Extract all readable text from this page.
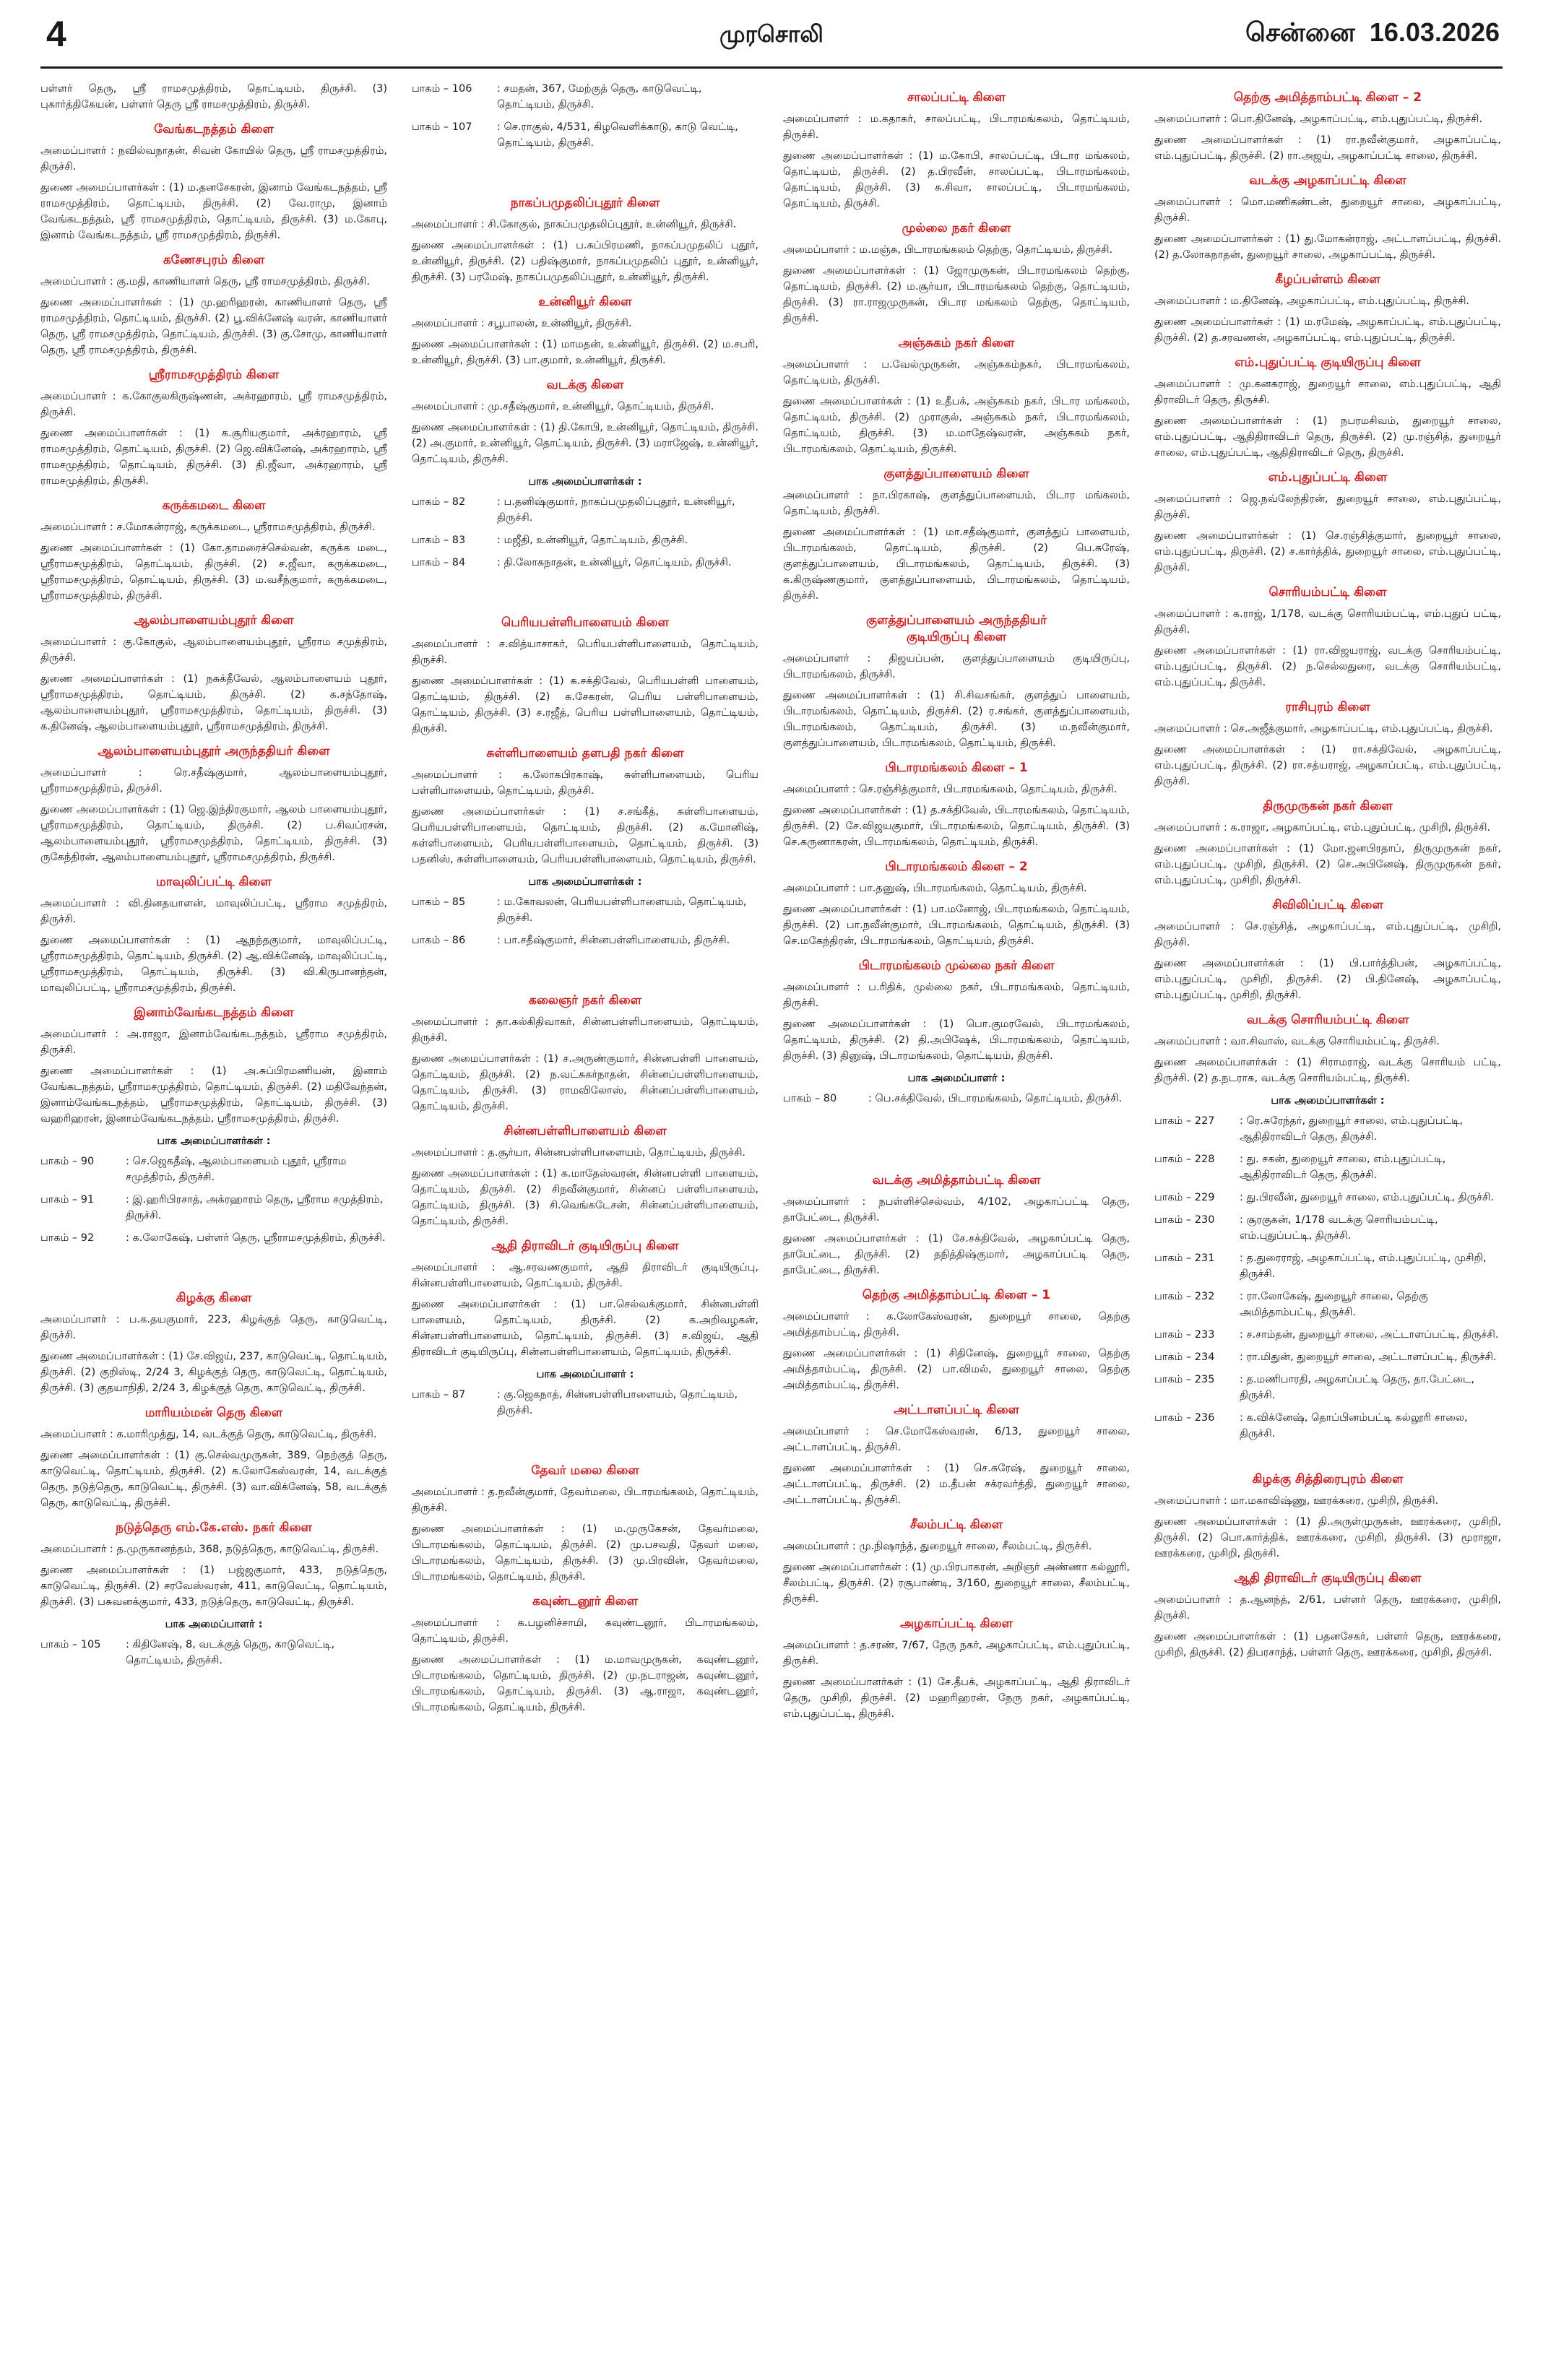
4	முரசொலி	சென்னை 16.03.2026

பள்ளர் தெரு, ஸ்ரீ ராமசமுத்திரம், தொட்டியம், திருச்சி. (3) புகார்த்திகேயன், பள்ளர் தெரு ஸ்ரீ ராமசமுத்திரம், திருச்சி.

வேங்கடநத்தம் கிளை

அமைப்பாளர் : நவில்வநாதன், சிவன் கோயில் தெரு, ஸ்ரீ ராமசமுத்திரம், திருச்சி.

துணை அமைப்பாளர்கள் : (1) ம.தனசேகரன், இனாம் வேங்கடநத்தம், ஸ்ரீ ராமசமுத்திரம், தொட்டியம், திருச்சி. (2) வே.ராமு, இனாம் வேங்கடநத்தம், ஸ்ரீ ராமசமுத்திரம், தொட்டியம், திருச்சி. (3) ம.கோபு, இனாம் வேங்கடநத்தம், ஸ்ரீ ராமசமுத்திரம், திருச்சி.

கணேசபுரம் கிளை

அமைப்பாளர் : கு.மதி, காணியாளர் தெரு, ஸ்ரீ ராமசமுத்திரம், திருச்சி.

துணை அமைப்பாளர்கள் : (1) மு.ஹரிஹரன், காணியாளர் தெரு, ஸ்ரீ ராமசமுத்திரம், தொட்டியம், திருச்சி. (2) பூ.விக்னேஷ் வரன், காணியாளர் தெரு, ஸ்ரீ ராமசமுத்திரம், தொட்டியம், திருச்சி. (3) கு.சோமு, காணியாளர் தெரு, ஸ்ரீ ராமசமுத்திரம், திருச்சி.

ஸ்ரீராமசமுத்திரம் கிளை

அமைப்பாளர் : க.கோகுலகிருஷ்ணன், அக்ரஹாரம், ஸ்ரீ ராமசமுத்திரம், திருச்சி.

துணை அமைப்பாளர்கள் : (1) க.சூரியகுமார், அக்ரஹாரம், ஸ்ரீ ராமசமுத்திரம், தொட்டியம், திருச்சி. (2) ஜெ.விக்னேஷ், அக்ரஹாரம், ஸ்ரீ ராமசமுத்திரம், தொட்டியம், திருச்சி. (3) தி.ஜீவா, அக்ரஹாரம், ஸ்ரீ ராமசமுத்திரம், திருச்சி.

கருக்கமடை கிளை

அமைப்பாளர் : ச.மோகன்ராஜ், கருக்கமடை, ஸ்ரீராமசமுத்திரம், திருச்சி.

துணை அமைப்பாளர்கள் : (1) கோ.தாமரைச்செல்வன், கருக்க மடை, ஸ்ரீராமசமுத்திரம், தொட்டியம், திருச்சி. (2) ச.ஜீவா, கருக்கமடை, ஸ்ரீராமசமுத்திரம், தொட்டியம், திருச்சி. (3) ம.வசீந்குமார், கருக்கமடை, ஸ்ரீராமசமுத்திரம், திருச்சி.

ஆலம்பாளையம்புதூர் கிளை

அமைப்பாளர் : கு.கோகுல், ஆலம்பாளையம்புதூர், ஸ்ரீராம சமுத்திரம், திருச்சி.

துணை அமைப்பாளர்கள் : (1) நசுக்தீவேல், ஆலம்பாளையம் புதூர், ஸ்ரீராமசமுத்திரம், தொட்டியம், திருச்சி. (2) க.சந்தோஷ், ஆலம்பாளையம்புதூர், ஸ்ரீராமசமுத்திரம், தொட்டியம், திருச்சி. (3) க.தினேஷ், ஆலம்பாளையம்புதூர், ஸ்ரீராமசமுத்திரம், திருச்சி.

ஆலம்பாளையம்புதூர் அருந்ததியர் கிளை

அமைப்பாளர் : ரெ.சதீஷ்குமார், ஆலம்பாளையம்புதூர், ஸ்ரீராமசமுத்திரம், திருச்சி.

துணை அமைப்பாளர்கள் : (1) ஜெ.இந்திரகுமார், ஆலம் பாளையம்புதூர், ஸ்ரீராமசமுத்திரம், தொட்டியம், திருச்சி. (2) ப.சிவப்ரசன், ஆலம்பாளையம்புதூர், ஸ்ரீராமசமுத்திரம், தொட்டியம், திருச்சி. (3) ருகேந்திரன், ஆலம்பாளையம்புதூர், ஸ்ரீராமசமுத்திரம், திருச்சி.

மாவுலிப்பட்டி கிளை

அமைப்பாளர் : வி.தினதயாளன், மாவுலிப்பட்டி, ஸ்ரீராம சமுத்திரம், திருச்சி.

துணை அமைப்பாளர்கள் : (1) ஆநந்தகுமார், மாவுலிப்பட்டி, ஸ்ரீராமசமுத்திரம், தொட்டியம், திருச்சி. (2) ஆ.விக்னேஷ், மாவுலிப்பட்டி, ஸ்ரீராமசமுத்திரம், தொட்டியம், திருச்சி. (3) வி.கிருபானந்தன், மாவுலிப்பட்டி, ஸ்ரீராமசமுத்திரம், திருச்சி.

இனாம்வேங்கடநத்தம் கிளை

அமைப்பாளர் : அ.ராஜா, இனாம்வேங்கடநத்தம், ஸ்ரீராம சமுத்திரம், திருச்சி.

துணை அமைப்பாளர்கள் : (1) அ.சுப்பிரமணியன், இனாம் வேங்கடநத்தம், ஸ்ரீராமசமுத்திரம், தொட்டியம், திருச்சி. (2) மதிவேந்தன், இனாம்வேங்கடநத்தம், ஸ்ரீராமசமுத்திரம், தொட்டியம், திருச்சி. (3) வஹரிஹரன், இனாம்வேங்கடநத்தம், ஸ்ரீராமசமுத்திரம், திருச்சி.

பாக அமைப்பாளர்கள் :
பாகம் – 90	: செ.ஜெகதீஷ், ஆலம்பாளையம் புதூர், ஸ்ரீராம சமுத்திரம், திருச்சி.
பாகம் – 91	: இ.ஹரிபிரசாத், அக்ரஹாரம் தெரு, ஸ்ரீராம சமுத்திரம், திருச்சி.
பாகம் – 92	: க.லோகேஷ், பள்ளர் தெரு, ஸ்ரீராமசமுத்திரம், திருச்சி.
கிழக்கு கிளை

அமைப்பாளர் : ப.க.தயகுமார், 223, கிழக்குத் தெரு, காடுவெட்டி, திருச்சி.

துணை அமைப்பாளர்கள் : (1) சே.விஜய், 237, காடுவெட்டி, தொட்டியம், திருச்சி. (2) குறிஸ்டி, 2/24 3, கிழக்குத் தெரு, காடுவெட்டி, தொட்டியம், திருச்சி. (3) குதயாநிதி, 2/24 3, கிழக்குத் தெரு, காடுவெட்டி, திருச்சி.

மாரியம்மன் தெரு கிளை

அமைப்பாளர் : க.மாரிமுத்து, 14, வடக்குத் தெரு, காடுவெட்டி, திருச்சி.

துணை அமைப்பாளர்கள் : (1) கு.செல்வமுருகன், 389, நெற்குத் தெரு, காடுவெட்டி, தொட்டியம், திருச்சி. (2) க.லோகேஸ்வரன், 14, வடக்குத் தெரு, நடுத்தெரு, காடுவெட்டி, திருச்சி. (3) வா.விக்னேஷ், 58, வடக்குத் தெரு, காடுவெட்டி, திருச்சி.

நடுத்தெரு எம்.கே.எஸ். நகர் கிளை

அமைப்பாளர் : த.முருகானந்தம், 368, நடுத்தெரு, காடுவெட்டி, திருச்சி.

துணை அமைப்பாளர்கள் : (1) பஜ்ஜகுமார், 433, நடுத்தெரு, காடுவெட்டி, திருச்சி. (2) சரவேஸ்வரன், 411, காடுவெட்டி, தொட்டியம், திருச்சி. (3) பசுவனக்குமார், 433, நடுத்தெரு, காடுவெட்டி, திருச்சி.

பாக அமைப்பாளர் :
பாகம் – 105	: கிதினேஷ், 8, வடக்குத் தெரு, காடுவெட்டி, தொட்டியம், திருச்சி.
பாகம் – 106	: சமதன், 367, மேற்குத் தெரு, காடுவெட்டி, தொட்டியம், திருச்சி.
பாகம் – 107	: செ.ராகுல், 4/531, கிழவெளிக்காடு, காடு வெட்டி, தொட்டியம், திருச்சி.
நாகப்பமுதலிப்புதூர் கிளை

அமைப்பாளர் : சி.கோகுல், நாகப்பமுதலிப்புதூர், உன்னியூர், திருச்சி.

துணை அமைப்பாளர்கள் : (1) ப.சுப்பிரமணி, நாகப்பமுதலிப் புதூர், உன்னியூர், திருச்சி. (2) பதிஷ்குமார், நாகப்பமுதலிப் புதூர், உன்னியூர், திருச்சி. (3) பரமேஷ், நாகப்பமுதலிப்புதூர், உன்னியூர், திருச்சி.

உன்னியூர் கிளை

அமைப்பாளர் : சபூபாலன், உன்னியூர், திருச்சி.

துணை அமைப்பாளர்கள் : (1) மாமதன், உன்னியூர், திருச்சி. (2) ம.சபரி, உன்னியூர், திருச்சி. (3) பா.குமார், உன்னியூர், திருச்சி.

வடக்கு கிளை

அமைப்பாளர் : மு.சதீஷ்குமார், உன்னியூர், தொட்டியம், திருச்சி.

துணை அமைப்பாளர்கள் : (1) தி.கோபி, உன்னியூர், தொட்டியம், திருச்சி. (2) அ.குமார், உன்னியூர், தொட்டியம், திருச்சி. (3) மராஜேஷ், உன்னியூர், தொட்டியம், திருச்சி.

பாக அமைப்பாளர்கள் :
பாகம் – 82	: ப.தனிஷ்குமார், நாகப்பமுதலிப்புதூர், உன்னியூர், திருச்சி.
பாகம் – 83	: மஜீதி, உன்னியூர், தொட்டியம், திருச்சி.
பாகம் – 84	: தி.லோகநாதன், உன்னியூர், தொட்டியம், திருச்சி.
பெரியபள்ளிபாளையம் கிளை

அமைப்பாளர் : ச.வித்யாசாகர், பெரியபள்ளிபாளையம், தொட்டியம், திருச்சி.

துணை அமைப்பாளர்கள் : (1) க.சக்திவேல், பெரியபள்ளி பாளையம், தொட்டியம், திருச்சி. (2) க.சேகரன், பெரிய பள்ளிபாளையம், தொட்டியம், திருச்சி. (3) ச.ரஜீத், பெரிய பள்ளிபாளையம், தொட்டியம், திருச்சி.

சுள்ளிபாளையம் தளபதி நகர் கிளை

அமைப்பாளர் : க.லோகபிரகாஷ், சுள்ளிபாளையம், பெரிய பள்ளிபாளையம், தொட்டியம், திருச்சி.

துணை அமைப்பாளர்கள் : (1) ச.சங்கீத், சுள்ளிபாளையம், பெரியபள்ளிபாளையம், தொட்டியம், திருச்சி. (2) க.மோனிஷ், சுள்ளிபாளையம், பெரியபள்ளிபாளையம், தொட்டியம், திருச்சி. (3) பதனிஸ், சுள்ளிபாளையம், பெரியபள்ளிபாளையம், தொட்டியம், திருச்சி.

பாக அமைப்பாளர்கள் :
பாகம் – 85	: ம.கோவலன், பெரியபள்ளிபாளையம், தொட்டியம், திருச்சி.
பாகம் – 86	: பா.சதீஷ்குமார், சின்னபள்ளிபாளையம், திருச்சி.
கலைஞர் நகர் கிளை

அமைப்பாளர் : தா.கல்கிதிவாகர், சின்னபள்ளிபாளையம், தொட்டியம், திருச்சி.

துணை அமைப்பாளர்கள் : (1) ச.அருண்குமார், சின்னபள்ளி பாளையம், தொட்டியம், திருச்சி. (2) ந.வட்சுகர்நாதன், சின்னப்பள்ளிபாளையம், தொட்டியம், திருச்சி. (3) ராமவிலோஸ், சின்னப்பள்ளிபாளையம், தொட்டியம், திருச்சி.

சின்னபள்ளிபாளையம் கிளை

அமைப்பாளர் : த.சூர்யா, சின்னபள்ளிபாளையம், தொட்டியம், திருச்சி.

துணை அமைப்பாளர்கள் : (1) க.மாதேஸ்வரன், சின்னபள்ளி பாளையம், தொட்டியம், திருச்சி. (2) சிநவீன்குமார், சின்னப் பள்ளிபாளையம், தொட்டியம், திருச்சி. (3) சி.வெங்கடேசன், சின்னப்பள்ளிபாளையம், தொட்டியம், திருச்சி.

ஆதி திராவிடர் குடியிருப்பு கிளை

அமைப்பாளர் : ஆ.சரவணகுமார், ஆதி திராவிடர் குடியிருப்பு, சின்னபள்ளிபாளையம், தொட்டியம், திருச்சி.

துணை அமைப்பாளர்கள் : (1) பா.செல்வக்குமார், சின்னபள்ளி பாளையம், தொட்டியம், திருச்சி. (2) க.அறிவழகன், சின்னபள்ளிபாளையம், தொட்டியம், திருச்சி. (3) ச.விஜய், ஆதி திராவிடர் குடியிருப்பு, சின்னபள்ளிபாளையம், தொட்டியம், திருச்சி.

பாக அமைப்பாளர் :
பாகம் – 87	: கு.ஜெகநாத், சின்னபள்ளிபாளையம், தொட்டியம், திருச்சி.
தேவர் மலை கிளை

அமைப்பாளர் : த.நவீன்குமார், தேவர்மலை, பிடாரமங்கலம், தொட்டியம், திருச்சி.

துணை அமைப்பாளர்கள் : (1) ம.முருகேசன், தேவர்மலை, பிடாரமங்கலம், தொட்டியம், திருச்சி. (2) மு.பசவதி, தேவர் மலை, பிடாரமங்கலம், தொட்டியம், திருச்சி. (3) மு.பிரவின், தேவர்மலை, பிடாரமங்கலம், தொட்டியம், திருச்சி.

கவுண்டனூர் கிளை

அமைப்பாளர் : க.பழனிச்சாமி, கவுண்டனூர், பிடாரமங்கலம், தொட்டியம், திருச்சி.

துணை அமைப்பாளர்கள் : (1) ம.மாவமுருகன், கவுண்டனூர், பிடாரமங்கலம், தொட்டியம், திருச்சி. (2) மு.நடராஜன், கவுண்டனூர், பிடாரமங்கலம், தொட்டியம், திருச்சி. (3) ஆ.ராஜா, கவுண்டனூர், பிடாரமங்கலம், தொட்டியம், திருச்சி.

சாலப்பட்டி கிளை

அமைப்பாளர் : ம.கதாகர், சாலப்பட்டி, பிடாரமங்கலம், தொட்டியம், திருச்சி.

துணை அமைப்பாளர்கள் : (1) ம.கோபி, சாலப்பட்டி, பிடார மங்கலம், தொட்டியம், திருச்சி. (2) த.பிரவீன், சாலப்பட்டி, பிடாரமங்கலம், தொட்டியம், திருச்சி. (3) சு.சிவா, சாலப்பட்டி, பிடாரமங்கலம், தொட்டியம், திருச்சி.

முல்லை நகர் கிளை

அமைப்பாளர் : ம.மஞ்சு, பிடாரமங்கலம் தெற்கு, தொட்டியம், திருச்சி.

துணை அமைப்பாளர்கள் : (1) ஜோமுருகன், பிடாரமங்கலம் தெற்கு, தொட்டியம், திருச்சி. (2) ம.சூர்யா, பிடாரமங்கலம் தெற்கு, தொட்டியம், திருச்சி. (3) ரா.ராஜமுருகன், பிடார மங்கலம் தெற்கு, தொட்டியம், திருச்சி.

அஞ்சுகம் நகர் கிளை

அமைப்பாளர் : ப.வேல்முருகன், அஞ்சுகம்நகர், பிடாரமங்கலம், தொட்டியம், திருச்சி.

துணை அமைப்பாளர்கள் : (1) உதீபக், அஞ்சுகம் நகர், பிடார மங்கலம், தொட்டியம், திருச்சி. (2) முராகுல், அஞ்சுகம் நகர், பிடாரமங்கலம், தொட்டியம், திருச்சி. (3) ம.மாதேஷ்வரன், அஞ்சுகம் நகர், பிடாரமங்கலம், தொட்டியம், திருச்சி.

குளத்துப்பாளையம் கிளை

அமைப்பாளர் : நா.பிரகாஷ், குளத்துப்பாளையம், பிடார மங்கலம், தொட்டியம், திருச்சி.

துணை அமைப்பாளர்கள் : (1) மா.சதீஷ்குமார், குளத்துப் பாளையம், பிடாரமங்கலம், தொட்டியம், திருச்சி. (2) பெ.சுரேஷ், குளத்துப்பாளையம், பிடாரமங்கலம், தொட்டியம், திருச்சி. (3) க.கிருஷ்ணகுமார், குளத்துப்பாளையம், பிடாரமங்கலம், தொட்டியம், திருச்சி.

குளத்துப்பாளையம் அருந்ததியர்
குடியிருப்பு கிளை

அமைப்பாளர் : திஜயப்பன், குளத்துப்பாளையம் குடியிருப்பு, பிடாரமங்கலம், திருச்சி.

துணை அமைப்பாளர்கள் : (1) சி.சிவசங்கர், குளத்துப் பாளையம், பிடாரமங்கலம், தொட்டியம், திருச்சி. (2) ர.சங்கர், குளத்துப்பாளையம், பிடாரமங்கலம், தொட்டியம், திருச்சி. (3) ம.நவீன்குமார், குளத்துப்பாளையம், பிடாரமங்கலம், தொட்டியம், திருச்சி.

பிடாரமங்கலம் கிளை – 1

அமைப்பாளர் : செ.ரஞ்சித்குமார், பிடாரமங்கலம், தொட்டியம், திருச்சி.

துணை அமைப்பாளர்கள் : (1) த.சக்திவேல், பிடாரமங்கலம், தொட்டியம், திருச்சி. (2) சே.விஜயகுமார், பிடாரமங்கலம், தொட்டியம், திருச்சி. (3) செ.கருணாகரன், பிடாரமங்கலம், தொட்டியம், திருச்சி.

பிடாரமங்கலம் கிளை – 2

அமைப்பாளர் : பா.தனுஷ், பிடாரமங்கலம், தொட்டியம், திருச்சி.

துணை அமைப்பாளர்கள் : (1) பா.மனோஜ், பிடாரமங்கலம், தொட்டியம், திருச்சி. (2) பா.நவீன்குமார், பிடாரமங்கலம், தொட்டியம், திருச்சி. (3) செ.மகேந்திரன், பிடாரமங்கலம், தொட்டியம், திருச்சி.

பிடாரமங்கலம் முல்லை நகர் கிளை

அமைப்பாளர் : ப.ரிதிக், முல்லை நகர், பிடாரமங்கலம், தொட்டியம், திருச்சி.

துணை அமைப்பாளர்கள் : (1) பொ.குமரவேல், பிடாரமங்கலம், தொட்டியம், திருச்சி. (2) தி.அபிஷேக், பிடாரமங்கலம், தொட்டியம், திருச்சி. (3) தினுஷ், பிடாரமங்கலம், தொட்டியம், திருச்சி.

பாக அமைப்பாளர் :
பாகம் – 80	: பெ.சக்திவேல், பிடாரமங்கலம், தொட்டியம், திருச்சி.
வடக்கு அமித்தாம்பட்டி கிளை

அமைப்பாளர் : நபள்ளிச்செல்வம், 4/102, அழகாப்பட்டி தெரு, தாபேட்டை, திருச்சி.

துணை அமைப்பாளர்கள் : (1) சே.சக்திவேல், அழகாப்பட்டி தெரு, தாபேட்டை, திருச்சி. (2) தநித்திஷ்குமார், அழகாப்பட்டி தெரு, தாபேட்டை, திருச்சி.

தெற்கு அமித்தாம்பட்டி கிளை – 1

அமைப்பாளர் : க.லோகேஸ்வரன், துறையூர் சாலை, தெற்கு அமித்தாம்பட்டி, திருச்சி.

துணை அமைப்பாளர்கள் : (1) சிதினேஷ், துறையூர் சாலை, தெற்கு அமித்தாம்பட்டி, திருச்சி. (2) பா.விமல், துறையூர் சாலை, தெற்கு அமித்தாம்பட்டி, திருச்சி.

அட்டாளப்பட்டி கிளை

அமைப்பாளர் : செ.மோகேஸ்வரன், 6/13, துறையூர் சாலை, அட்டாளப்பட்டி, திருச்சி.

துணை அமைப்பாளர்கள் : (1) செ.சுரேஷ், துறையூர் சாலை, அட்டாளப்பட்டி, திருச்சி. (2) ம.தீபன் சக்ரவர்த்தி, துறையூர் சாலை, அட்டாளப்பட்டி, திருச்சி.

சீலம்பட்டி கிளை

அமைப்பாளர் : மு.நிஷாந்த், துறையூர் சாலை, சீலம்பட்டி, திருச்சி.

துணை அமைப்பாளர்கள் : (1) மு.பிரபாகரன், அறிஞர் அண்ணா கல்லூரி, சீலம்பட்டி, திருச்சி. (2) ரசூபாண்டி, 3/160, துறையூர் சாலை, சீலம்பட்டி, திருச்சி.

அழகாப்பட்டி கிளை

அமைப்பாளர் : த.சரண், 7/67, நேரு நகர், அழகாப்பட்டி, எம்.புதுப்பட்டி, திருச்சி.

துணை அமைப்பாளர்கள் : (1) சே.தீபக், அழகாப்பட்டி, ஆதி திராவிடர் தெரு, முசிறி, திருச்சி. (2) மஹரிஹரன், நேரு நகர், அழகாப்பட்டி, எம்.புதுப்பட்டி, திருச்சி.

தெற்கு அமித்தாம்பட்டி கிளை – 2

அமைப்பாளர் : பொ.தினேஷ், அழகாப்பட்டி, எம்.புதுப்பட்டி, திருச்சி.

துணை அமைப்பாளர்கள் : (1) ரா.நவீன்குமார், அழகாப்பட்டி, எம்.புதுப்பட்டி, திருச்சி. (2) ரா.அஜய், அழகாப்பட்டி சாலை, திருச்சி.

வடக்கு அழகாப்பட்டி கிளை

அமைப்பாளர் : மொ.மணிகண்டன், துறையூர் சாலை, அழகாப்பட்டி, திருச்சி.

துணை அமைப்பாளர்கள் : (1) து.மோகன்ராஜ், அட்டாளப்பட்டி, திருச்சி. (2) த.லோகநாதன், துறையூர் சாலை, அழகாப்பட்டி, திருச்சி.

கீழப்பள்ளம் கிளை

அமைப்பாளர் : ம.தினேஷ், அழகாப்பட்டி, எம்.புதுப்பட்டி, திருச்சி.

துணை அமைப்பாளர்கள் : (1) ம.ரமேஷ், அழகாப்பட்டி, எம்.புதுப்பட்டி, திருச்சி. (2) த.சரவணன், அழகாப்பட்டி, எம்.புதுப்பட்டி, திருச்சி.

எம்.புதுப்பட்டி குடியிருப்பு கிளை

அமைப்பாளர் : மு.கனகராஜ், துறையூர் சாலை, எம்.புதுப்பட்டி, ஆதி திராவிடர் தெரு, திருச்சி.

துணை அமைப்பாளர்கள் : (1) நபரமசிவம், துறையூர் சாலை, எம்.புதுப்பட்டி, ஆதிதிராவிடர் தெரு, திருச்சி. (2) மு.ரஞ்சித், துறையூர் சாலை, எம்.புதுப்பட்டி, ஆதிதிராவிடர் தெரு, திருச்சி.

எம்.புதுப்பட்டி கிளை

அமைப்பாளர் : ஜெ.நவ்லேந்திரன், துறையூர் சாலை, எம்.புதுப்பட்டி, திருச்சி.

துணை அமைப்பாளர்கள் : (1) செ.ரஞ்சித்குமார், துறையூர் சாலை, எம்.புதுப்பட்டி, திருச்சி. (2) ச.கார்த்திக், துறையூர் சாலை, எம்.புதுப்பட்டி, திருச்சி.

சொரியம்பட்டி கிளை

அமைப்பாளர் : க.ராஜ், 1/178, வடக்கு சொரியம்பட்டி, எம்.புதுப் பட்டி, திருச்சி.

துணை அமைப்பாளர்கள் : (1) ரா.விஜயராஜ், வடக்கு சொரியம்பட்டி, எம்.புதுப்பட்டி, திருச்சி. (2) ந.செல்லதுரை, வடக்கு சொரியம்பட்டி, எம்.புதுப்பட்டி, திருச்சி.

ராசிபுரம் கிளை

அமைப்பாளர் : செ.அஜீத்குமார், அழகாப்பட்டி, எம்.புதுப்பட்டி, திருச்சி.

துணை அமைப்பாளர்கள் : (1) ரா.சக்திவேல், அழகாப்பட்டி, எம்.புதுப்பட்டி, திருச்சி. (2) ரா.சத்யராஜ், அழகாப்பட்டி, எம்.புதுப்பட்டி, திருச்சி.

திருமுருகன் நகர் கிளை

அமைப்பாளர் : க.ராஜா, அழகாப்பட்டி, எம்.புதுப்பட்டி, முசிறி, திருச்சி.

துணை அமைப்பாளர்கள் : (1) மோ.ஜனபிரதாப், திருமுருகன் நகர், எம்.புதுப்பட்டி, முசிறி, திருச்சி. (2) செ.அபினேஷ், திருமுருகன் நகர், எம்.புதுப்பட்டி, முசிறி, திருச்சி.

சிவிலிப்பட்டி கிளை

அமைப்பாளர் : செ.ரஞ்சித், அழகாப்பட்டி, எம்.புதுப்பட்டி, முசிறி, திருச்சி.

துணை அமைப்பாளர்கள் : (1) பி.பார்த்திபன், அழகாப்பட்டி, எம்.புதுப்பட்டி, முசிறி, திருச்சி. (2) பி.தினேஷ், அழகாப்பட்டி, எம்.புதுப்பட்டி, முசிறி, திருச்சி.

வடக்கு சொரியம்பட்டி கிளை

அமைப்பாளர் : வா.சிவாஸ், வடக்கு சொரியம்பட்டி, திருச்சி.

துணை அமைப்பாளர்கள் : (1) சிராமராஜ், வடக்கு சொரியம் பட்டி, திருச்சி. (2) த.நடராசு, வடக்கு சொரியம்பட்டி, திருச்சி.

பாக அமைப்பாளர்கள் :
பாகம் – 227	: ரெ.சுரேந்தர், துறையூர் சாலை, எம்.புதுப்பட்டி, ஆதிதிராவிடர் தெரு, திருச்சி.
பாகம் – 228	: து. சகன், துறையூர் சாலை, எம்.புதுப்பட்டி, ஆதிதிராவிடர் தெரு, திருச்சி.
பாகம் – 229	: து.பிரவீன், துறையூர் சாலை, எம்.புதுப்பட்டி, திருச்சி.
பாகம் – 230	: சூரகுகன், 1/178 வடக்கு சொரியம்பட்டி, எம்.புதுப்பட்டி, திருச்சி.
பாகம் – 231	: த.துரைராஜ், அழகாப்பட்டி, எம்.புதுப்பட்டி, முசிறி, திருச்சி.
பாகம் – 232	: ரா.லோகேஷ், துறையூர் சாலை, தெற்கு அமித்தாம்பட்டி, திருச்சி.
பாகம் – 233	: ச.சாம்தன், துறையூர் சாலை, அட்டாளப்பட்டி, திருச்சி.
பாகம் – 234	: ரா.மிதுன், துறையூர் சாலை, அட்டாளப்பட்டி, திருச்சி.
பாகம் – 235	: த.மணிபாரதி, அழகாப்பட்டி தெரு, தா.பேட்டை, திருச்சி.
பாகம் – 236	: க.விக்னேஷ், தொப்பினம்பட்டி கல்லூரி சாலை, திருச்சி.
கிழக்கு சித்திரைபுரம் கிளை

அமைப்பாளர் : மா.மகாவிஷ்ணு, ஊரக்கரை, முசிறி, திருச்சி.

துணை அமைப்பாளர்கள் : (1) தி.அருள்முருகன், ஊரக்கரை, முசிறி, திருச்சி. (2) பொ.கார்த்திக், ஊரக்கரை, முசிறி, திருச்சி. (3) மூராஜா, ஊரக்கரை, முசிறி, திருச்சி.

ஆதி திராவிடர் குடியிருப்பு கிளை

அமைப்பாளர் : த.ஆனந்த், 2/61, பள்ளர் தெரு, ஊரக்கரை, முசிறி, திருச்சி.

துணை அமைப்பாளர்கள் : (1) பதனசேகர், பள்ளர் தெரு, ஊரக்கரை, முசிறி, திருச்சி. (2) திபரசாந்த், பள்ளர் தெரு, ஊரக்கரை, முசிறி, திருச்சி.
